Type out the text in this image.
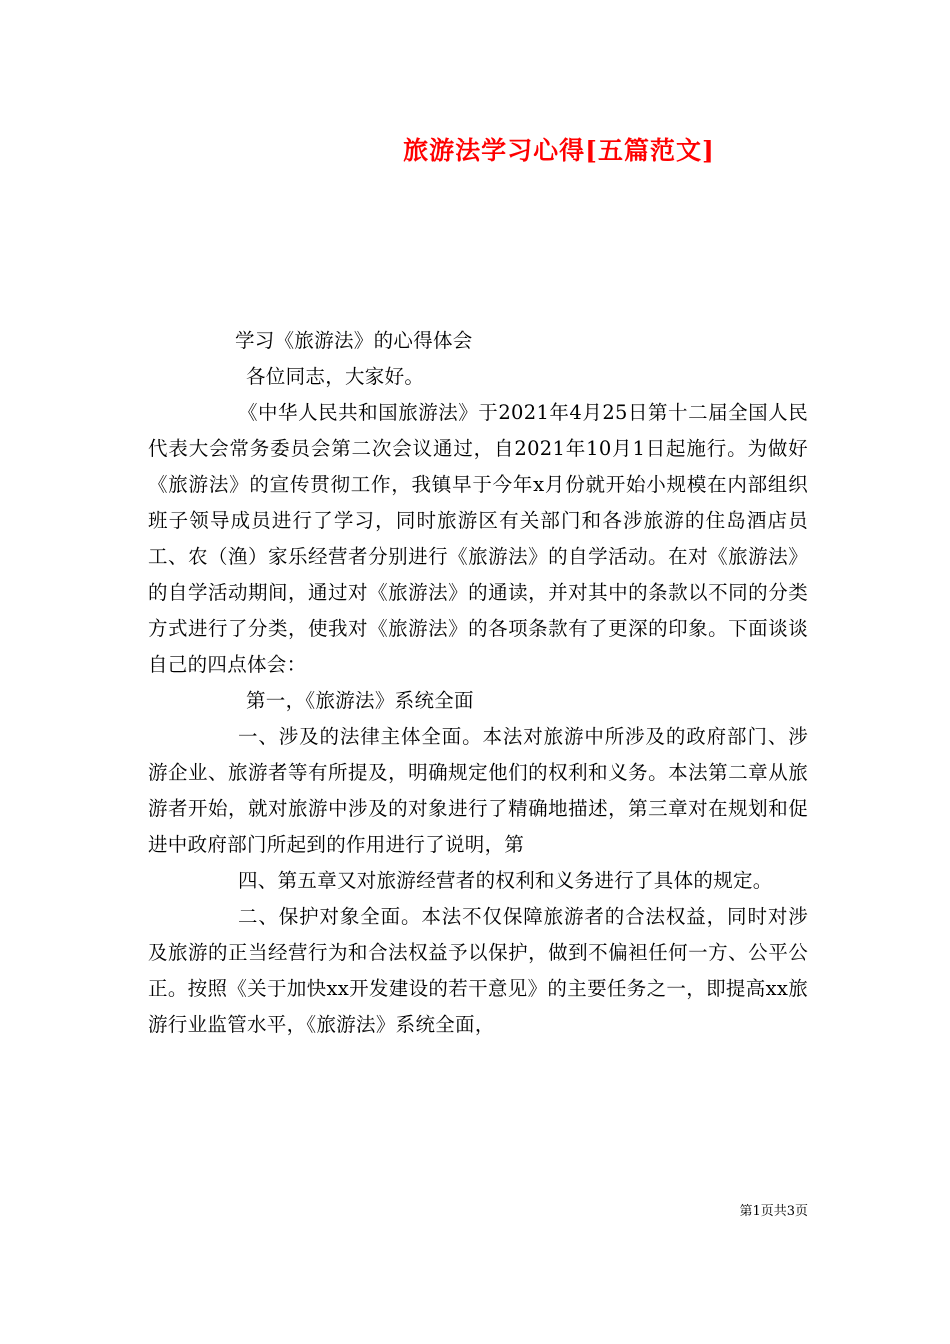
旅游法学习心得[五篇范文]

学习《旅游法》的心得体会

各位同志，大家好。

《中华人民共和国旅游法》于2021年4月25日第十二届全国人民代表大会常务委员会第二次会议通过，自2021年10月1日起施行。为做好《旅游法》的宣传贯彻工作，我镇早于今年x月份就开始小规模在内部组织班子领导成员进行了学习，同时旅游区有关部门和各涉旅游的住岛酒店员工、农（渔）家乐经营者分别进行《旅游法》的自学活动。在对《旅游法》的自学活动期间，通过对《旅游法》的通读，并对其中的条款以不同的分类方式进行了分类，使我对《旅游法》的各项条款有了更深的印象。下面谈谈自己的四点体会：

第一，《旅游法》系统全面

一、涉及的法律主体全面。本法对旅游中所涉及的政府部门、涉游企业、旅游者等有所提及，明确规定他们的权利和义务。本法第二章从旅游者开始，就对旅游中涉及的对象进行了精确地描述，第三章对在规划和促进中政府部门所起到的作用进行了说明，第

四、第五章又对旅游经营者的权利和义务进行了具体的规定。

二、保护对象全面。本法不仅保障旅游者的合法权益，同时对涉及旅游的正当经营行为和合法权益予以保护，做到不偏袒任何一方、公平公正。按照《关于加快xx开发建设的若干意见》的主要任务之一，即提高xx旅游行业监管水平，《旅游法》系统全面，

第1页共3页
